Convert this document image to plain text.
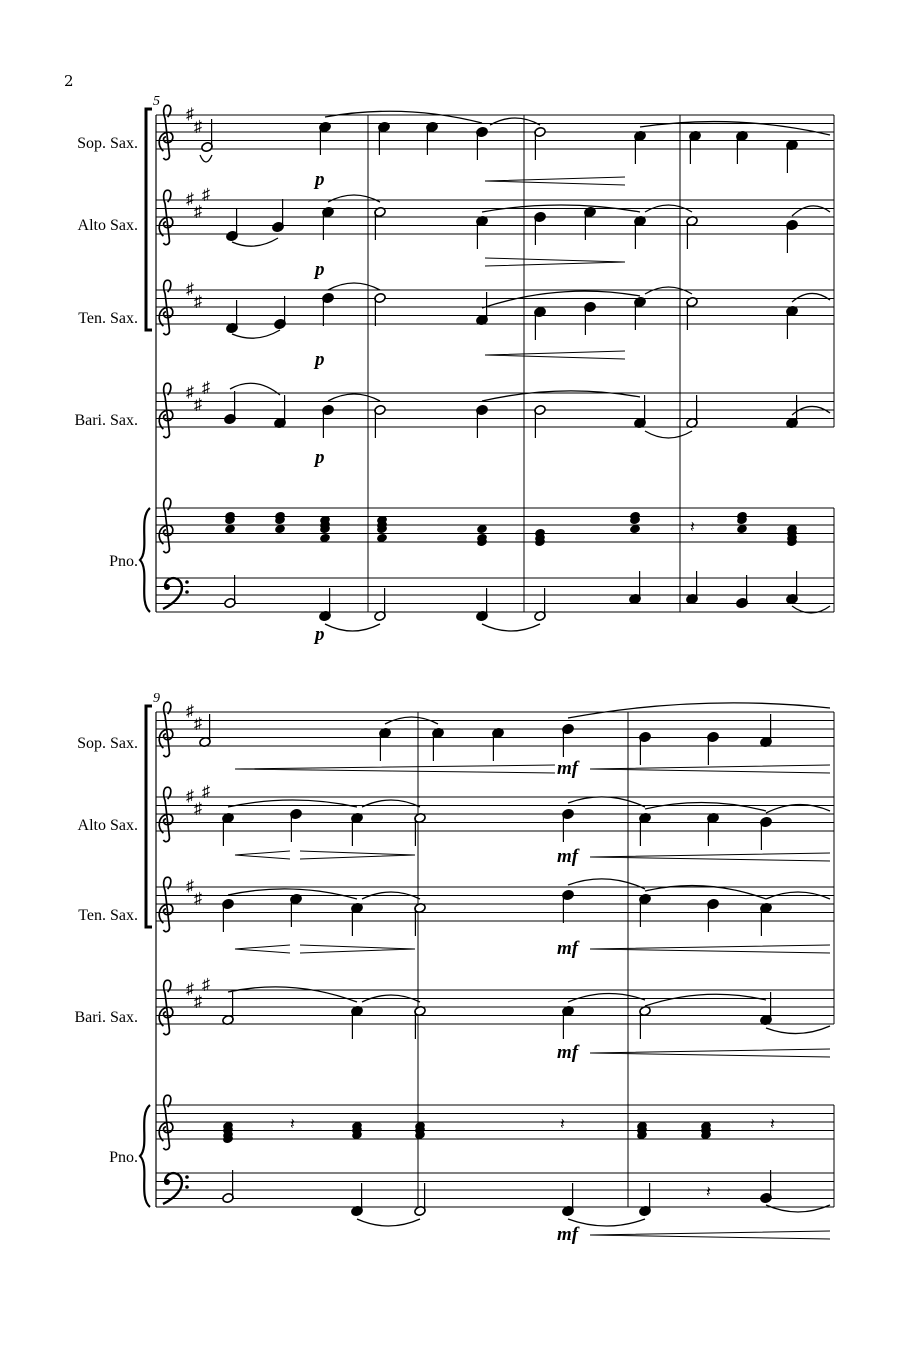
2
Sop. Sax.
Alto Sax.
Ten. Sax.
Bari. Sax.
Pno.
Sop. Sax.
Alto Sax.
Ten. Sax.
Bari. Sax.
Pno.
♯
♯
♯
♯
♯
♯
♯
♯
♯
♯
♯
♯
♯
♯
♯
♯
♯
♯
♯
♯
5
p
p
p
p
p
9
mf
mf
mf
mf
mf
𝄽
𝄽	𝄽	𝄽
𝄽
